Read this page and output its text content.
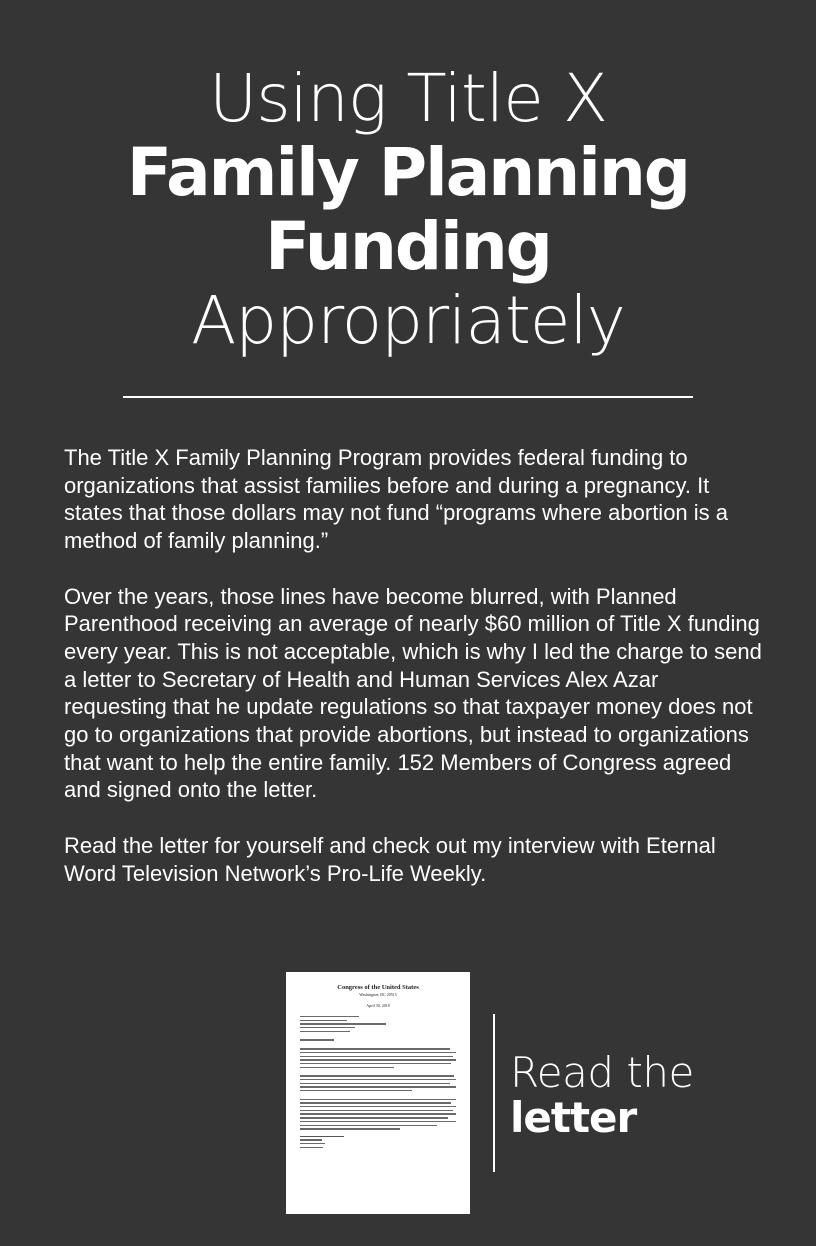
Using Title X
Family Planning
Funding
Appropriately

The Title X Family Planning Program provides federal funding to organizations that assist families before and during a pregnancy. It states that those dollars may not fund “programs where abortion is a method of family planning.”

Over the years, those lines have become blurred, with Planned Parenthood receiving an average of nearly $60 million of Title X funding every year. This is not acceptable, which is why I led the charge to send a letter to Secretary of Health and Human Services Alex Azar requesting that he update regulations so that taxpayer money does not go to organizations that provide abortions, but instead to organizations that want to help the entire family. 152 Members of Congress agreed and signed onto the letter.

Read the letter for yourself and check out my interview with Eternal Word Television Network’s Pro-Life Weekly.

Congress of the United States
Washington, DC 20515
April 30, 2018
Read the
letter
